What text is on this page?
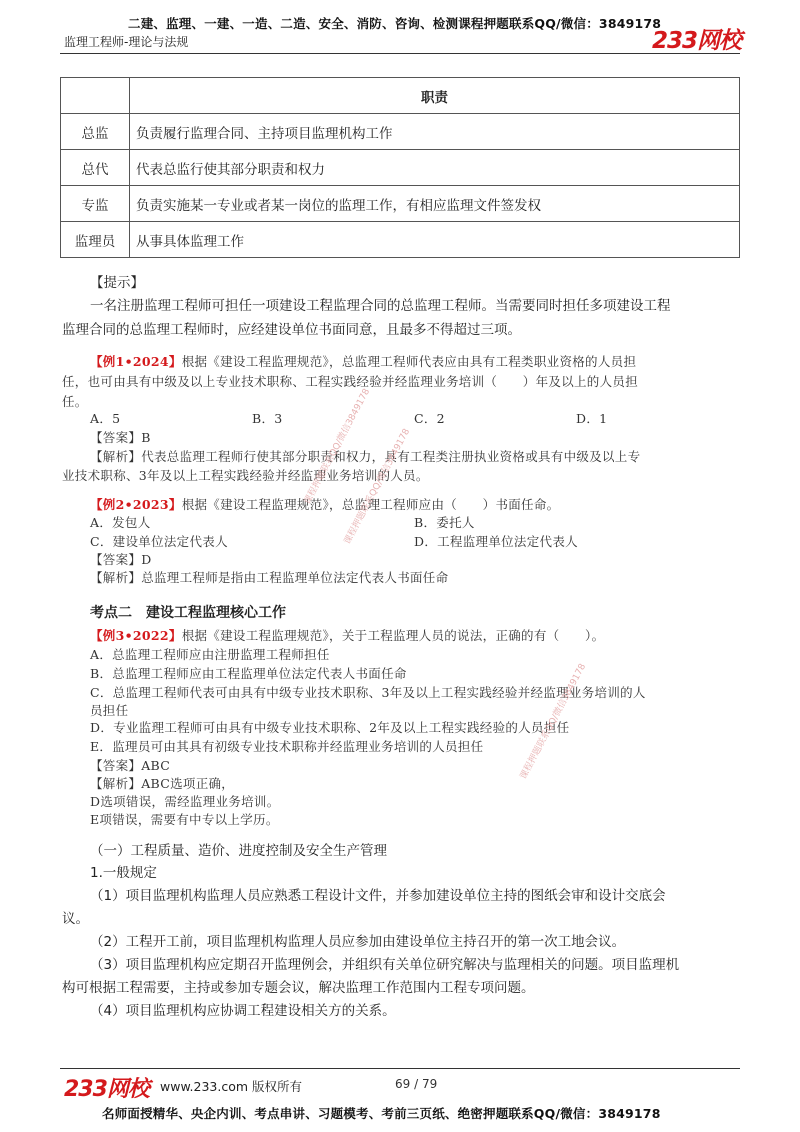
二建、监理、一建、一造、二造、安全、消防、咨询、检测课程押题联系QQ/微信：3849178
监理工程师-理论与法规	233网校
	职责
总监	负责履行监理合同、主持项目监理机构工作
总代	代表总监行使其部分职责和权力
专监	负责实施某一专业或者某一岗位的监理工作，有相应监理文件签发权
监理员	从事具体监理工作
【提示】
一名注册监理工程师可担任一项建设工程监理合同的总监理工程师。当需要同时担任多项建设工程
监理合同的总监理工程师时，应经建设单位书面同意，且最多不得超过三项。
【例1•2024】根据《建设工程监理规范》，总监理工程师代表应由具有工程类职业资格的人员担
任，也可由具有中级及以上专业技术职称、工程实践经验并经监理业务培训（　　）年及以上的人员担
任。
A．5	B．3	C．2	D．1
【答案】B
【解析】代表总监理工程师行使其部分职责和权力，具有工程类注册执业资格或具有中级及以上专
业技术职称、3年及以上工程实践经验并经监理业务培训的人员。
【例2•2023】根据《建设工程监理规范》，总监理工程师应由（　　）书面任命。
A．发包人	B．委托人
C．建设单位法定代表人	D．工程监理单位法定代表人
【答案】D
【解析】总监理工程师是指由工程监理单位法定代表人书面任命
考点二　建设工程监理核心工作
【例3•2022】根据《建设工程监理规范》，关于工程监理人员的说法，正确的有（　　）。
A．总监理工程师应由注册监理工程师担任
B．总监理工程师应由工程监理单位法定代表人书面任命
C．总监理工程师代表可由具有中级专业技术职称、3年及以上工程实践经验并经监理业务培训的人
员担任
D．专业监理工程师可由具有中级专业技术职称、2年及以上工程实践经验的人员担任
E．监理员可由其具有初级专业技术职称并经监理业务培训的人员担任
【答案】ABC
【解析】ABC选项正确，
D选项错误，需经监理业务培训。
E项错误，需要有中专以上学历。
（一）工程质量、造价、进度控制及安全生产管理
1.一般规定
（1）项目监理机构监理人员应熟悉工程设计文件，并参加建设单位主持的图纸会审和设计交底会
议。
（2）工程开工前，项目监理机构监理人员应参加由建设单位主持召开的第一次工地会议。
（3）项目监理机构应定期召开监理例会，并组织有关单位研究解决与监理相关的问题。项目监理机
构可根据工程需要，主持或参加专题会议，解决监理工作范围内工程专项问题。
（4）项目监理机构应协调工程建设相关方的关系。
课程押题联系QQ/微信3849178
课程押题联系QQ/微信3849178
课程押题联系QQ/微信3849178
233网校 www.233.com 版权所有	69 / 79
名师面授精华、央企内训、考点串讲、习题模考、考前三页纸、绝密押题联系QQ/微信：3849178
